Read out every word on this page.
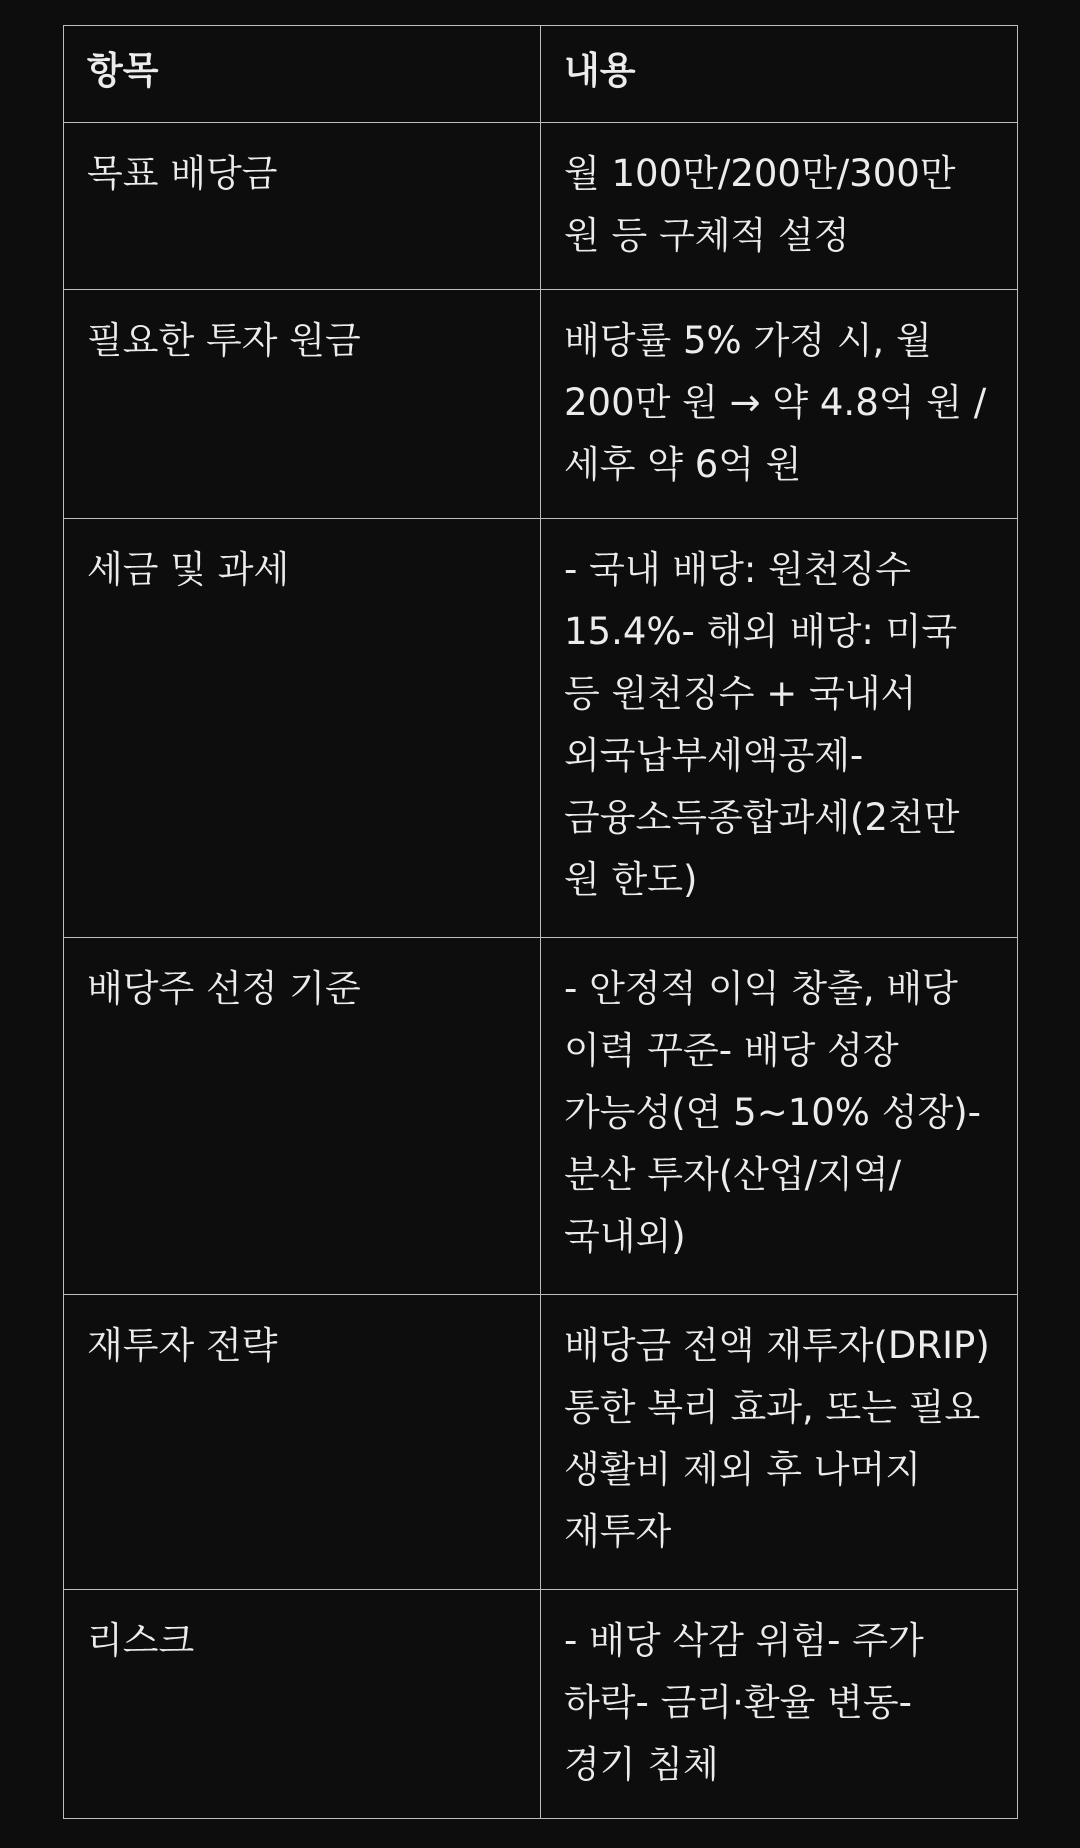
항목	내용
목표 배당금	월 100만/200만/300만 원 등 구체적 설정
필요한 투자 원금	배당률 5% 가정 시, 월 200만 원 → 약 4.8억 원 / 세후 약 6억 원
세금 및 과세	- 국내 배당: 원천징수 15.4%- 해외 배당: 미국 등 원천징수 + 국내서 외국납부세액공제- 금융소득종합과세(2천만 원 한도)
배당주 선정 기준	- 안정적 이익 창출, 배당 이력 꾸준- 배당 성장 가능성(연 5~10% 성장)- 분산 투자(산업/지역/국내외)
재투자 전략	배당금 전액 재투자(DRIP) 통한 복리 효과, 또는 필요 생활비 제외 후 나머지 재투자
리스크	- 배당 삭감 위험- 주가 하락- 금리·환율 변동- 경기 침체
